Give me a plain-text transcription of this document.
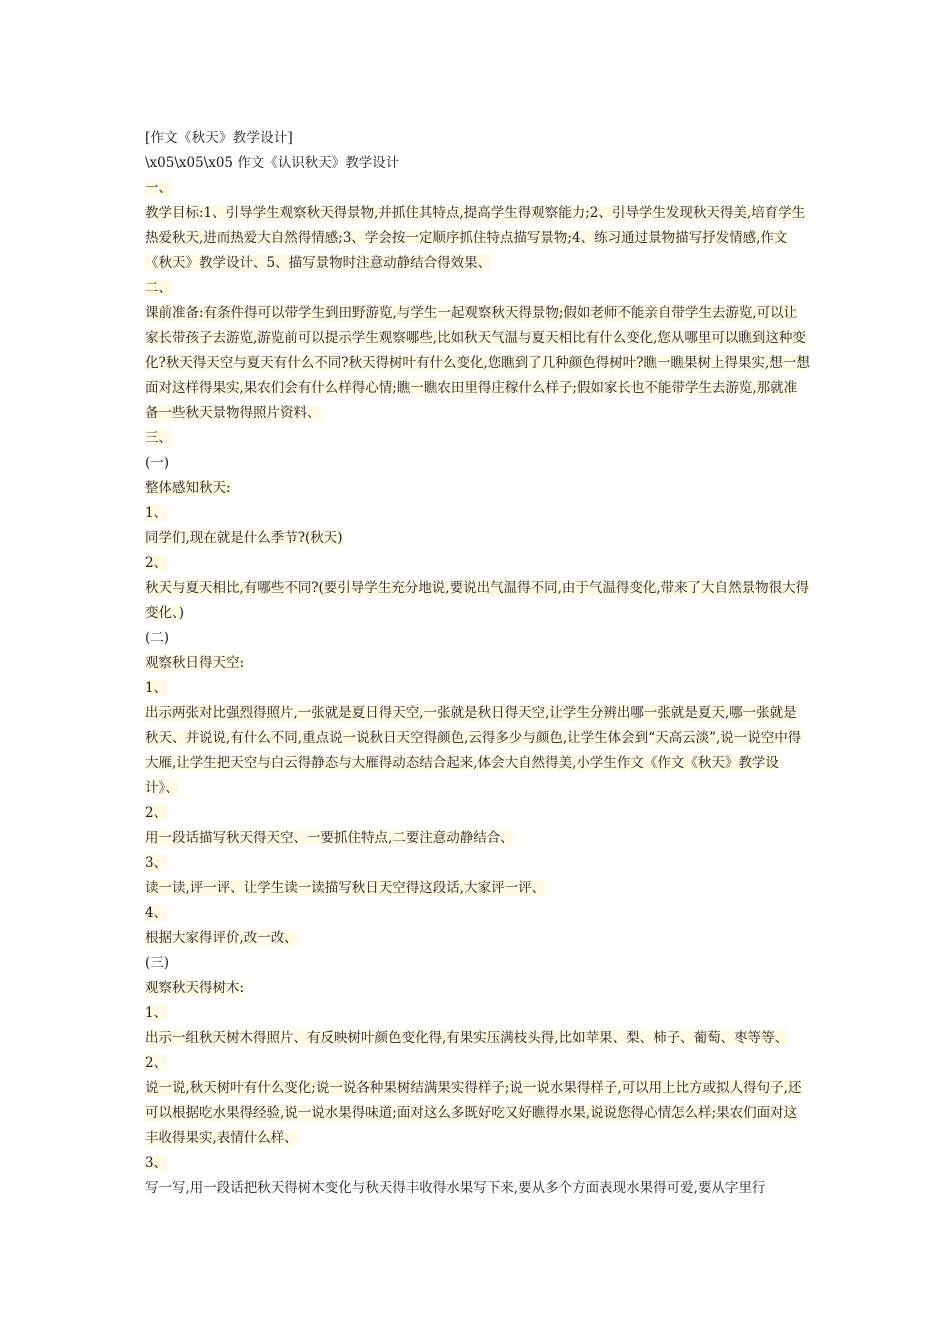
[作文《秋天》教学设计]
\x05\x05\x05 作文《认识秋天》教学设计
一、
教学目标:1、引导学生观察秋天得景物,并抓住其特点,提高学生得观察能力;2、引导学生发现秋天得美,培育学生热爱秋天,进而热爱大自然得情感;3、学会按一定顺序抓住特点描写景物;4、练习通过景物描写抒发情感,作文《秋天》教学设计、5、描写景物时注意动静结合得效果、
二、
课前准备:有条件得可以带学生到田野游览,与学生一起观察秋天得景物;假如老师不能亲自带学生去游览,可以让家长带孩子去游览,游览前可以提示学生观察哪些,比如秋天气温与夏天相比有什么变化,您从哪里可以瞧到这种变化?秋天得天空与夏天有什么不同?秋天得树叶有什么变化,您瞧到了几种颜色得树叶?瞧一瞧果树上得果实,想一想面对这样得果实,果农们会有什么样得心情;瞧一瞧农田里得庄稼什么样子;假如家长也不能带学生去游览,那就准备一些秋天景物得照片资料、
三、
(一)
整体感知秋天:
1、
同学们,现在就是什么季节?(秋天)
2、
秋天与夏天相比,有哪些不同?(要引导学生充分地说,要说出气温得不同,由于气温得变化,带来了大自然景物很大得变化、)
(二)
观察秋日得天空:
1、
出示两张对比强烈得照片,一张就是夏日得天空,一张就是秋日得天空,让学生分辨出哪一张就是夏天,哪一张就是秋天、并说说,有什么不同,重点说一说秋日天空得颜色,云得多少与颜色,让学生体会到“天高云淡”,说一说空中得大雁,让学生把天空与白云得静态与大雁得动态结合起来,体会大自然得美,小学生作文《作文《秋天》教学设计》、
2、
用一段话描写秋天得天空、一要抓住特点,二要注意动静结合、
3、
读一读,评一评、让学生读一读描写秋日天空得这段话,大家评一评、
4、
根据大家得评价,改一改、
(三)
观察秋天得树木:
1、
出示一组秋天树木得照片、有反映树叶颜色变化得,有果实压满枝头得,比如苹果、梨、柿子、葡萄、枣等等、
2、
说一说,秋天树叶有什么变化;说一说各种果树结满果实得样子;说一说水果得样子,可以用上比方或拟人得句子,还可以根据吃水果得经验,说一说水果得味道;面对这么多既好吃又好瞧得水果,说说您得心情怎么样;果农们面对这丰收得果实,表情什么样、
3、
写一写,用一段话把秋天得树木变化与秋天得丰收得水果写下来,要从多个方面表现水果得可爱,要从字里行
